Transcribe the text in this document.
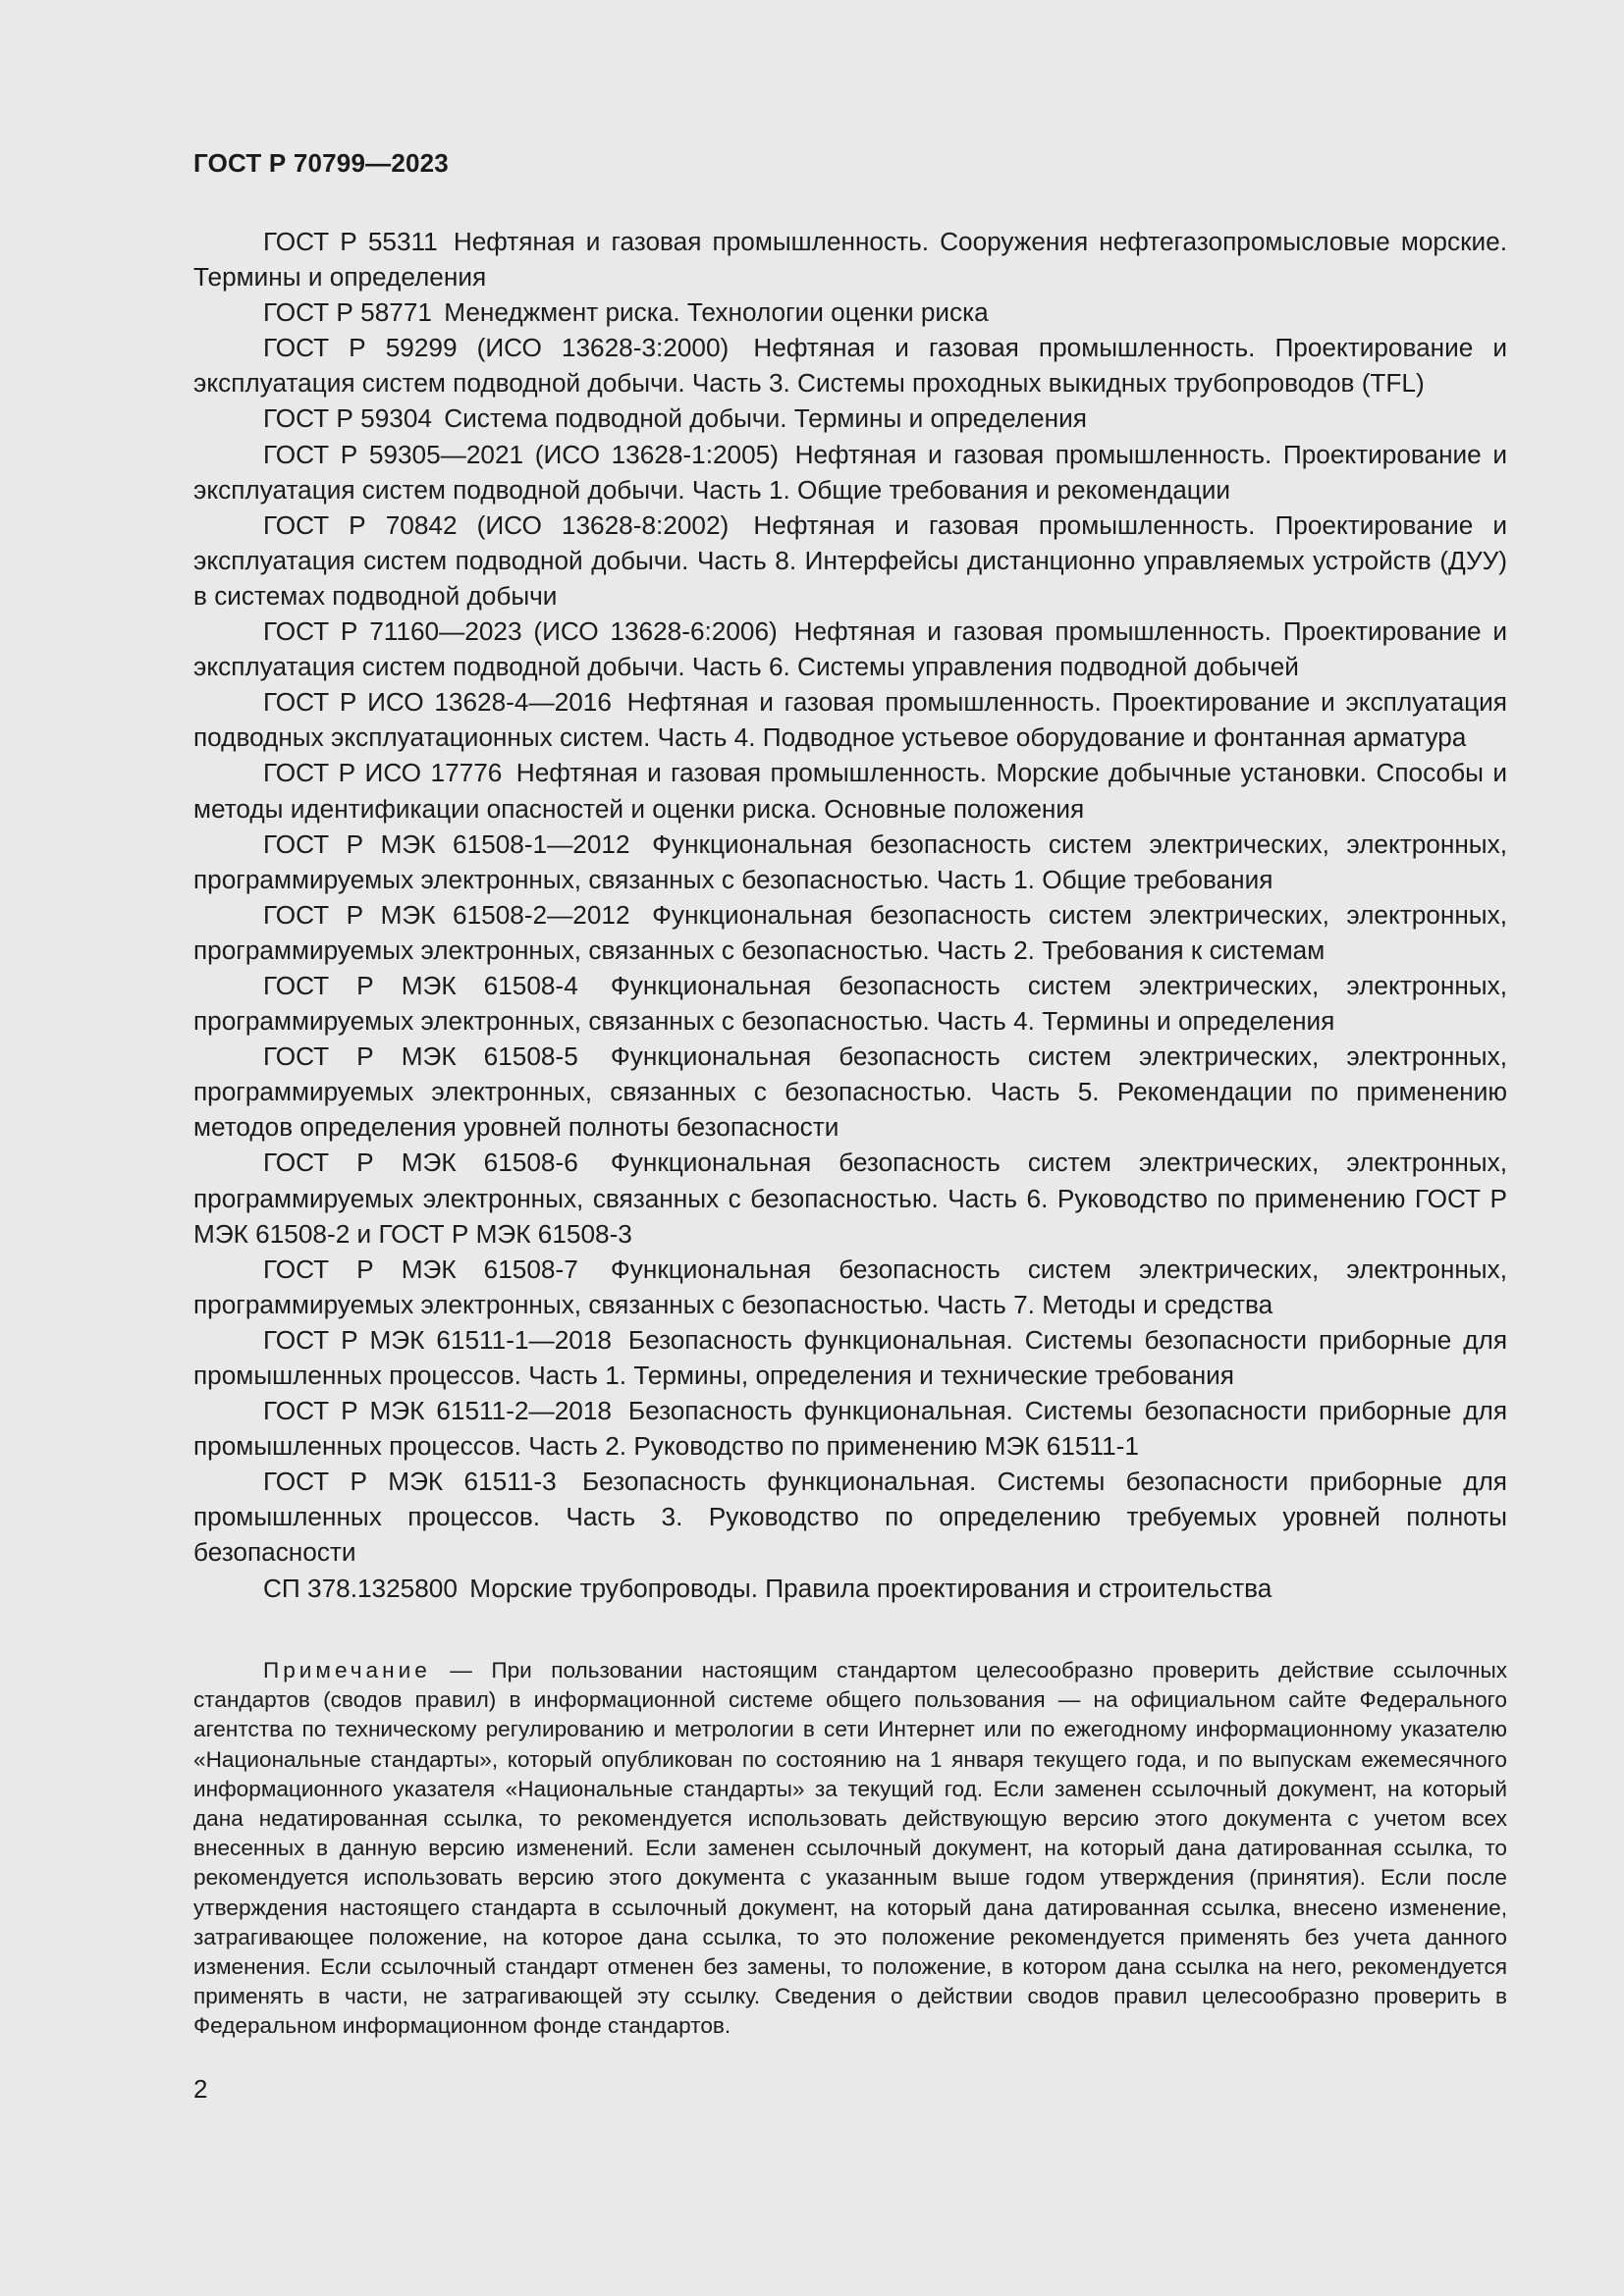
ГОСТ Р 70799—2023

ГОСТ Р 55311 Нефтяная и газовая промышленность. Сооружения нефтегазопромысловые морские. Термины и определения

ГОСТ Р 58771 Менеджмент риска. Технологии оценки риска

ГОСТ Р 59299 (ИСО 13628-3:2000) Нефтяная и газовая промышленность. Проектирование и эксплуатация систем подводной добычи. Часть 3. Системы проходных выкидных трубопроводов (TFL)

ГОСТ Р 59304 Система подводной добычи. Термины и определения

ГОСТ Р 59305—2021 (ИСО 13628-1:2005) Нефтяная и газовая промышленность. Проектирование и эксплуатация систем подводной добычи. Часть 1. Общие требования и рекомендации

ГОСТ Р 70842 (ИСО 13628-8:2002) Нефтяная и газовая промышленность. Проектирование и эксплуатация систем подводной добычи. Часть 8. Интерфейсы дистанционно управляемых устройств (ДУУ) в системах подводной добычи

ГОСТ Р 71160—2023 (ИСО 13628-6:2006) Нефтяная и газовая промышленность. Проектирование и эксплуатация систем подводной добычи. Часть 6. Системы управления подводной добычей

ГОСТ Р ИСО 13628-4—2016 Нефтяная и газовая промышленность. Проектирование и эксплуатация подводных эксплуатационных систем. Часть 4. Подводное устьевое оборудование и фонтанная арматура

ГОСТ Р ИСО 17776 Нефтяная и газовая промышленность. Морские добычные установки. Способы и методы идентификации опасностей и оценки риска. Основные положения

ГОСТ Р МЭК 61508-1—2012 Функциональная безопасность систем электрических, электронных, программируемых электронных, связанных с безопасностью. Часть 1. Общие требования

ГОСТ Р МЭК 61508-2—2012 Функциональная безопасность систем электрических, электронных, программируемых электронных, связанных с безопасностью. Часть 2. Требования к системам

ГОСТ Р МЭК 61508-4 Функциональная безопасность систем электрических, электронных, программируемых электронных, связанных с безопасностью. Часть 4. Термины и определения

ГОСТ Р МЭК 61508-5 Функциональная безопасность систем электрических, электронных, программируемых электронных, связанных с безопасностью. Часть 5. Рекомендации по применению методов определения уровней полноты безопасности

ГОСТ Р МЭК 61508-6 Функциональная безопасность систем электрических, электронных, программируемых электронных, связанных с безопасностью. Часть 6. Руководство по применению ГОСТ Р МЭК 61508-2 и ГОСТ Р МЭК 61508-3

ГОСТ Р МЭК 61508-7 Функциональная безопасность систем электрических, электронных, программируемых электронных, связанных с безопасностью. Часть 7. Методы и средства

ГОСТ Р МЭК 61511-1—2018 Безопасность функциональная. Системы безопасности приборные для промышленных процессов. Часть 1. Термины, определения и технические требования

ГОСТ Р МЭК 61511-2—2018 Безопасность функциональная. Системы безопасности приборные для промышленных процессов. Часть 2. Руководство по применению МЭК 61511-1

ГОСТ Р МЭК 61511-3 Безопасность функциональная. Системы безопасности приборные для промышленных процессов. Часть 3. Руководство по определению требуемых уровней полноты безопасности

СП 378.1325800 Морские трубопроводы. Правила проектирования и строительства

Примечание — При пользовании настоящим стандартом целесообразно проверить действие ссылочных стандартов (сводов правил) в информационной системе общего пользования — на официальном сайте Федерального агентства по техническому регулированию и метрологии в сети Интернет или по ежегодному информационному указателю «Национальные стандарты», который опубликован по состоянию на 1 января текущего года, и по выпускам ежемесячного информационного указателя «Национальные стандарты» за текущий год. Если заменен ссылочный документ, на который дана недатированная ссылка, то рекомендуется использовать действующую версию этого документа с учетом всех внесенных в данную версию изменений. Если заменен ссылочный документ, на который дана датированная ссылка, то рекомендуется использовать версию этого документа с указанным выше годом утверждения (принятия). Если после утверждения настоящего стандарта в ссылочный документ, на который дана датированная ссылка, внесено изменение, затрагивающее положение, на которое дана ссылка, то это положение рекомендуется применять без учета данного изменения. Если ссылочный стандарт отменен без замены, то положение, в котором дана ссылка на него, рекомендуется применять в части, не затрагивающей эту ссылку. Сведения о действии сводов правил целесообразно проверить в Федеральном информационном фонде стандартов.

2
